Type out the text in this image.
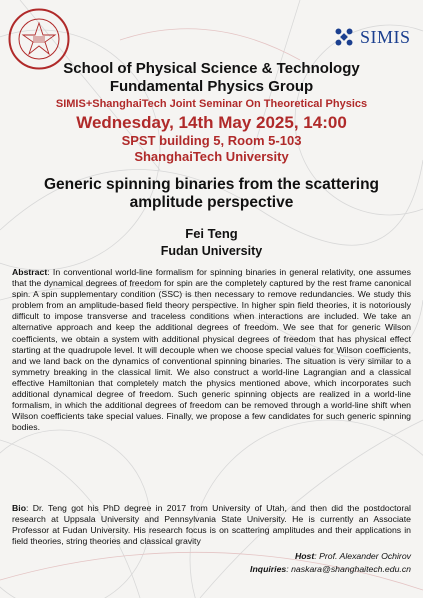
SIMIS
School of Physical Science & Technology
Fundamental Physics Group
SIMIS+ShanghaiTech Joint Seminar On Theoretical Physics
Wednesday, 14th May 2025, 14:00
SPST building 5, Room 5-103
ShanghaiTech University
Generic spinning binaries from the scattering amplitude perspective
Fei Teng
Fudan University

Abstract: In conventional world-line formalism for spinning binaries in general relativity, one assumes that the dynamical degrees of freedom for spin are the completely captured by the rest frame canonical spin. A spin supplementary condition (SSC) is then necessary to remove redundancies. We study this problem from an amplitude-based field theory perspective. In higher spin field theories, it is notoriously difficult to impose transverse and traceless conditions when interactions are included. We take an alternative approach and keep the additional degrees of freedom. We see that for generic Wilson coefficients, we obtain a system with additional physical degrees of freedom that has physical effect starting at the quadrupole level. It will decouple when we choose special values for Wilson coefficients, and we land back on the dynamics of conventional spinning binaries. The situation is very similar to a symmetry breaking in the classical limit. We also construct a world-line Lagrangian and a classical effective Hamiltonian that completely match the physics mentioned above, which incorporates such additional dynamical degree of freedom. Such generic spinning objects are realized in a world-line formalism, in which the additional degrees of freedom can be removed through a world-line shift when Wilson coefficients take special values. Finally, we propose a few candidates for such generic spinning bodies.

Bio: Dr. Teng got his PhD degree in 2017 from University of Utah, and then did the postdoctoral research at Uppsala University and Pennsylvania State University. He is currently an Associate Professor at Fudan University. His research focus is on scattering amplitudes and their applications in field theories, string theories and classical gravity

Host: Prof. Alexander Ochirov
Inquiries: naskara@shanghaitech.edu.cn
